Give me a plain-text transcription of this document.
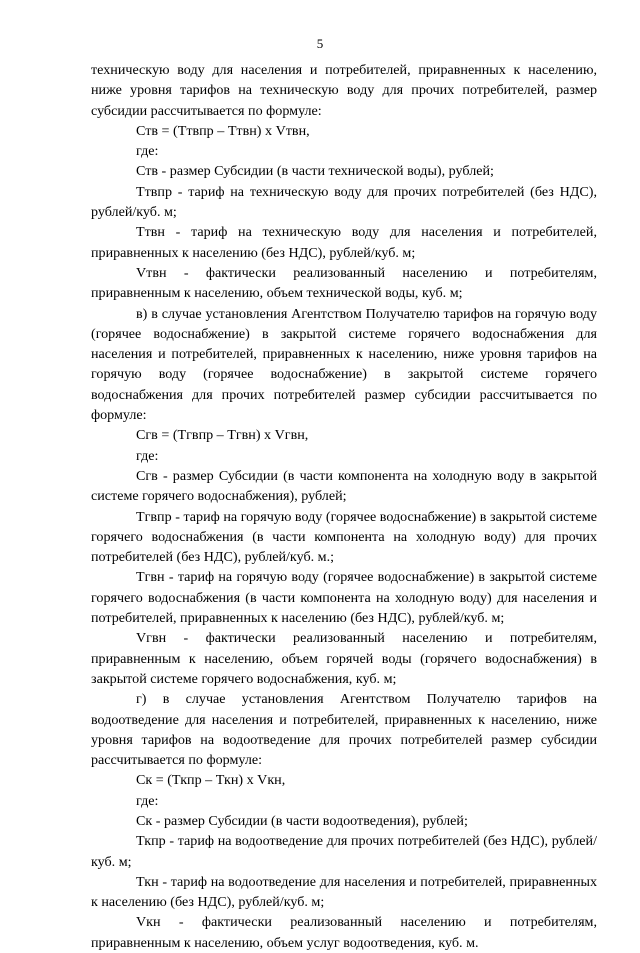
5

техническую воду для населения и потребителей, приравненных к населению, ниже уровня тарифов на техническую воду для прочих потребителей, размер субсидии рассчитывается по формуле:

Ств = (Ттвпр – Ттвн) х Vтвн,

где:

Ств - размер Субсидии (в части технической воды), рублей;

Ттвпр - тариф на техническую воду для прочих потребителей (без НДС), рублей/куб. м;

Ттвн - тариф на техническую воду для населения и потребителей, приравненных к населению (без НДС), рублей/куб. м;

Vтвн - фактически реализованный населению и потребителям, приравненным к населению, объем технической воды, куб. м;

в) в случае установления Агентством Получателю тарифов на горячую воду (горячее водоснабжение) в закрытой системе горячего водоснабжения для населения и потребителей, приравненных к населению, ниже уровня тарифов на горячую воду (горячее водоснабжение) в закрытой системе горячего водоснабжения для прочих потребителей размер субсидии рассчитывается по формуле:

Сгв = (Тгвпр – Тгвн) х Vгвн,

где:

Сгв - размер Субсидии (в части компонента на холодную воду в закрытой системе горячего водоснабжения), рублей;

Тгвпр - тариф на горячую воду (горячее водоснабжение) в закрытой системе горячего водоснабжения (в части компонента на холодную воду) для прочих потребителей (без НДС), рублей/куб. м.;

Тгвн - тариф на горячую воду (горячее водоснабжение) в закрытой системе горячего водоснабжения (в части компонента на холодную воду) для населения и потребителей, приравненных к населению (без НДС), рублей/куб. м;

Vгвн - фактически реализованный населению и потребителям, приравненным к населению, объем горячей воды (горячего водоснабжения) в закрытой системе горячего водоснабжения, куб. м;

г) в случае установления Агентством Получателю тарифов на водоотведение для населения и потребителей, приравненных к населению, ниже уровня тарифов на водоотведение для прочих потребителей размер субсидии рассчитывается по формуле:

Ск = (Ткпр – Ткн) х Vкн,

где:

Ск - размер Субсидии (в части водоотведения), рублей;

Ткпр - тариф на водоотведение для прочих потребителей (без НДС), рублей/куб. м;

Ткн - тариф на водоотведение для населения и потребителей, приравненных к населению (без НДС), рублей/куб. м;

Vкн - фактически реализованный населению и потребителям, приравненным к населению, объем услуг водоотведения, куб. м.
